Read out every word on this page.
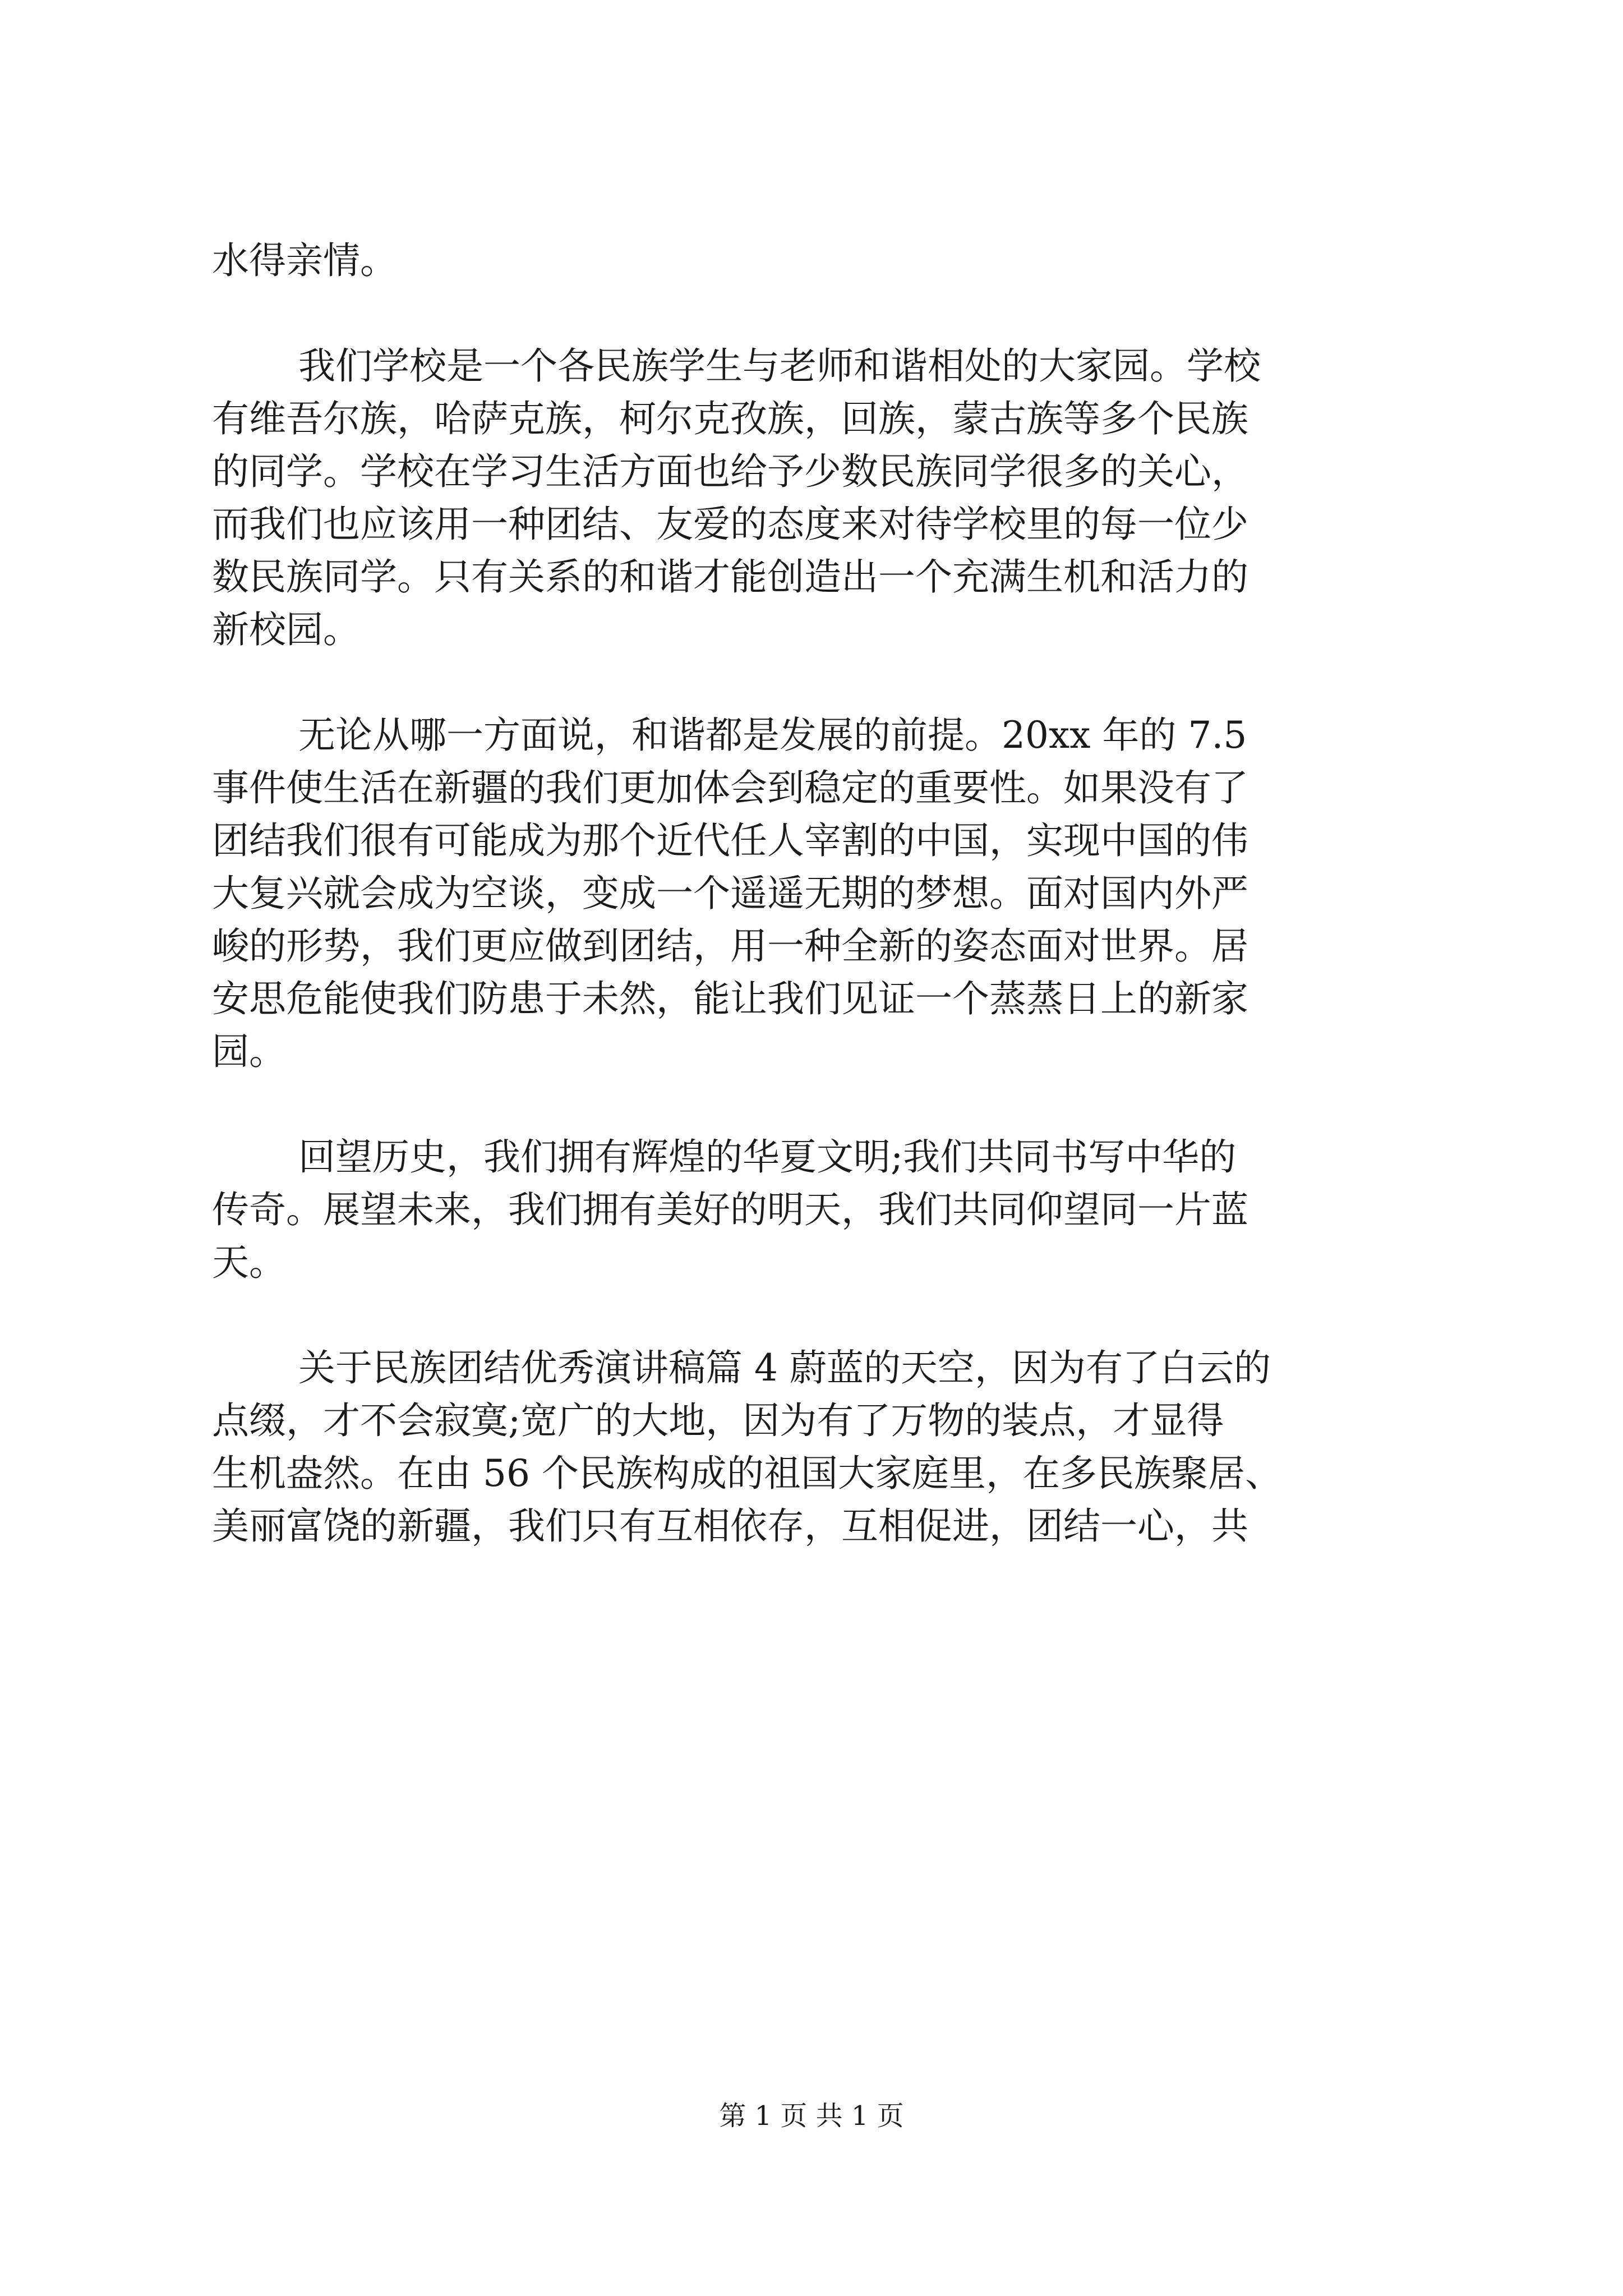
水得亲情。

我们学校是一个各民族学生与老师和谐相处的大家园。学校

有维吾尔族，哈萨克族，柯尔克孜族，回族，蒙古族等多个民族

的同学。学校在学习生活方面也给予少数民族同学很多的关心，

而我们也应该用一种团结、友爱的态度来对待学校里的每一位少

数民族同学。只有关系的和谐才能创造出一个充满生机和活力的

新校园。

无论从哪一方面说，和谐都是发展的前提。20xx 年的 7.5

事件使生活在新疆的我们更加体会到稳定的重要性。如果没有了

团结我们很有可能成为那个近代任人宰割的中国，实现中国的伟

大复兴就会成为空谈，变成一个遥遥无期的梦想。面对国内外严

峻的形势，我们更应做到团结，用一种全新的姿态面对世界。居

安思危能使我们防患于未然，能让我们见证一个蒸蒸日上的新家

园。

回望历史，我们拥有辉煌的华夏文明;我们共同书写中华的

传奇。展望未来，我们拥有美好的明天，我们共同仰望同一片蓝

天。

关于民族团结优秀演讲稿篇 4 蔚蓝的天空，因为有了白云的

点缀，才不会寂寞;宽广的大地，因为有了万物的装点，才显得

生机盎然。在由 56 个民族构成的祖国大家庭里，在多民族聚居、

美丽富饶的新疆，我们只有互相依存，互相促进，团结一心，共

第 1 页 共 1 页
